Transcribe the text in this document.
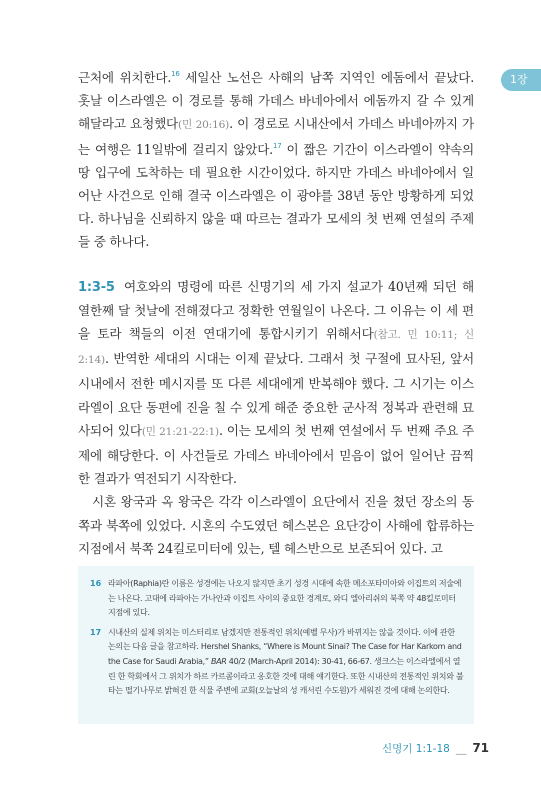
1장

근처에 위치한다.$^{16}$ 세일산 노선은 사해의 남쪽 지역인 에돔에서 끝났다. 홋날 이스라엘은 이 경로를 통해 가데스 바네아에서 에돔까지 갈 수 있게 해달라고 요청했다(민 20:16). 이 경로로 시내산에서 가데스 바네아까지 가는 여행은 11일밖에 걸리지 않았다.$^{17}$ 이 짧은 기간이 이스라엘이 약속의 땅 입구에 도착하는 데 필요한 시간이었다. 하지만 가데스 바네아에서 일어난 사건으로 인해 결국 이스라엘은 이 광야를 38년 동안 방황하게 되었다. 하나님을 신뢰하지 않을 때 따르는 결과가 모세의 첫 번째 연설의 주제들 중 하나다.

1:3-5 여호와의 명령에 따른 신명기의 세 가지 설교가 40년째 되던 해 열한째 달 첫날에 전해졌다고 정확한 연월일이 나온다. 그 이유는 이 세 편을 토라 책들의 이전 연대기에 통합시키기 위해서다(참고. 민 10:11; 신 2:14). 반역한 세대의 시대는 이제 끝났다. 그래서 첫 구절에 묘사된, 앞서 시내에서 전한 메시지를 또 다른 세대에게 반복해야 했다. 그 시기는 이스라엘이 요단 동편에 진을 칠 수 있게 해준 중요한 군사적 정복과 관련해 묘사되어 있다(민 21:21-22:1). 이는 모세의 첫 번째 연설에서 두 번째 주요 주제에 해당한다. 이 사건들로 가데스 바네아에서 믿음이 없어 일어난 끔찍한 결과가 역전되기 시작한다.

시혼 왕국과 옥 왕국은 각각 이스라엘이 요단에서 진을 쳤던 장소의 동쪽과 북쪽에 있었다. 시혼의 수도였던 헤스본은 요단강이 사해에 합류하는 지점에서 북쪽 24킬로미터에 있는, 텔 헤스반으로 보존되어 있다. 고

16 라파아(Raphia)란 이름은 성경에는 나오지 않지만 초기 성경 시대에 속한 메소포타미아와 이집트의 저술에는 나온다. 고대에 라파아는 가나안과 이집트 사이의 중요한 경계로, 와디 엘아리쉬의 북쪽 약 48킬로미터 지점에 있다.
17 시내산의 실제 위치는 미스터리로 남겠지만 전통적인 위치(예벨 무사)가 바뀌지는 않을 것이다. 이에 관한 논의는 다음 글을 참고하라. Hershel Shanks, “Where is Mount Sinai? The Case for Har Karkom and the Case for Saudi Arabia,” BAR 40/2 (March-April 2014): 30-41, 66-67. 생크스는 이스라엘에서 열린 한 학회에서 그 위치가 하르 카르콤이라고 옹호한 것에 대해 얘기한다. 또한 시내산의 전통적인 위치와 불타는 떨기나무로 밝혀진 한 식물 주변에 교회(오늘날의 성 캐서린 수도원)가 세워진 것에 대해 논의한다.
신명기 1:1-18 __ 71
